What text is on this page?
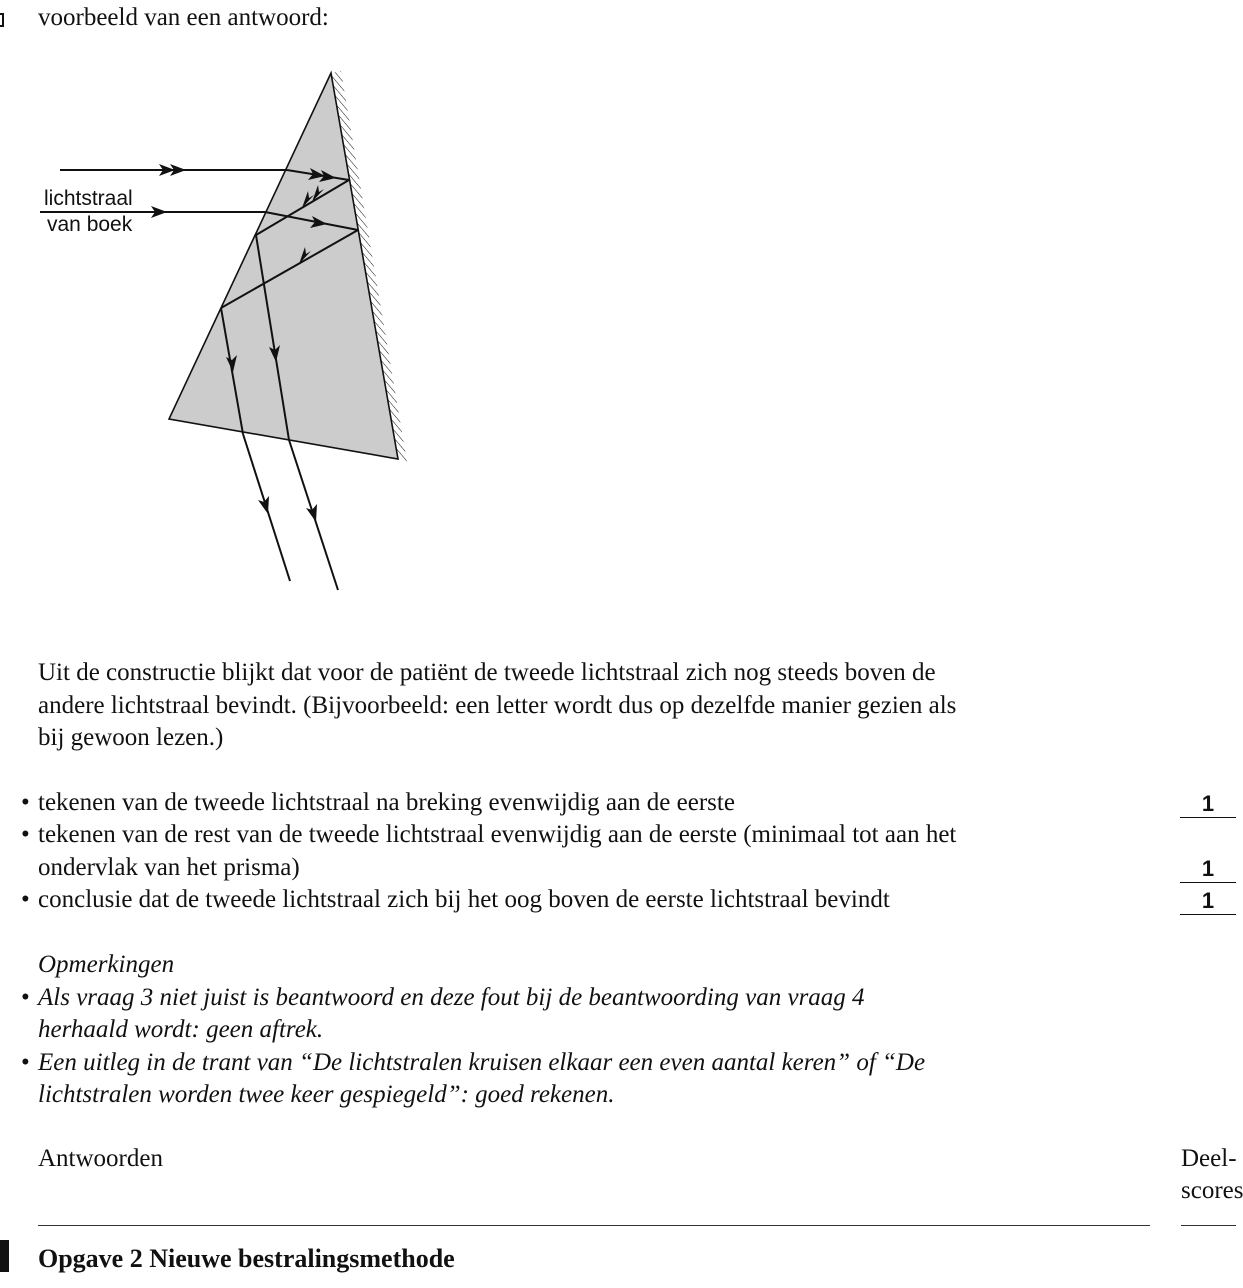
voorbeeld van een antwoord:
lichtstraal
van boek
Uit de constructie blijkt dat voor de patiënt de tweede lichtstraal zich nog steeds boven de
andere lichtstraal bevindt. (Bijvoorbeeld: een letter wordt dus op dezelfde manier gezien als
bij gewoon lezen.)
• tekenen van de tweede lichtstraal na breking evenwijdig aan de eerste	1
• tekenen van de rest van de tweede lichtstraal evenwijdig aan de eerste (minimaal tot aan het
ondervlak van het prisma)	1
• conclusie dat de tweede lichtstraal zich bij het oog boven de eerste lichtstraal bevindt	1
Opmerkingen
• Als vraag 3 niet juist is beantwoord en deze fout bij de beantwoording van vraag 4
herhaald wordt: geen aftrek.
• Een uitleg in de trant van “De lichtstralen kruisen elkaar een even aantal keren” of “De
lichtstralen worden twee keer gespiegeld”: goed rekenen.
Antwoorden	Deel-
scores
Opgave 2 Nieuwe bestralingsmethode
